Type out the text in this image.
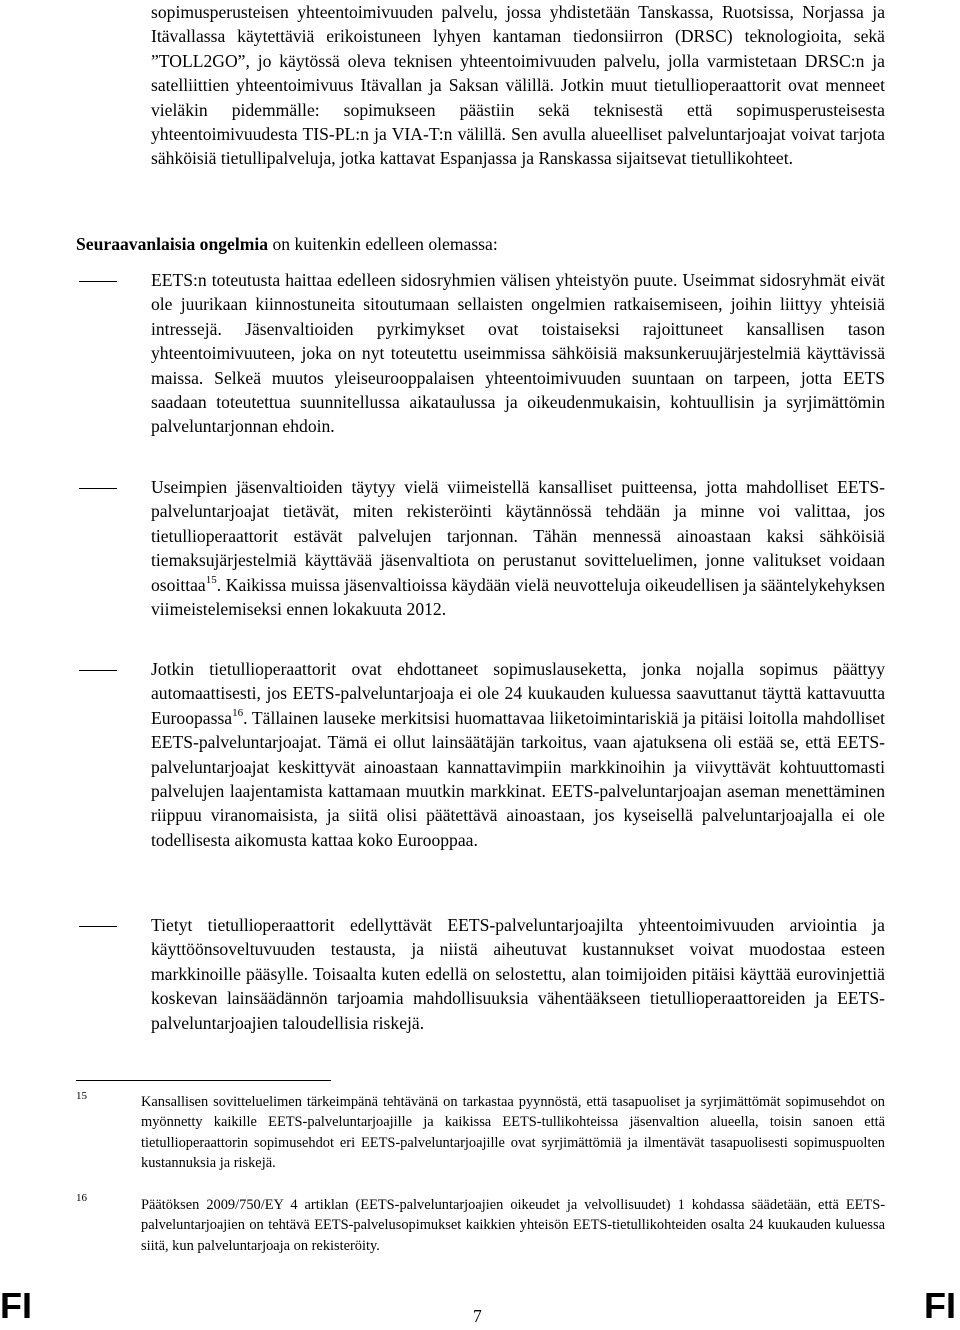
sopimusperusteisen yhteentoimivuuden palvelu, jossa yhdistetään Tanskassa, Ruotsissa, Norjassa ja Itävallassa käytettäviä erikoistuneen lyhyen kantaman tiedonsiirron (DRSC) teknologioita, sekä ”TOLL2GO”, jo käytössä oleva teknisen yhteentoimivuuden palvelu, jolla varmistetaan DRSC:n ja satelliittien yhteentoimivuus Itävallan ja Saksan välillä. Jotkin muut tietullioperaattorit ovat menneet vieläkin pidemmälle: sopimukseen päästiin sekä teknisestä että sopimusperusteisesta yhteentoimivuudesta TIS-PL:n ja VIA-T:n välillä. Sen avulla alueelliset palveluntarjoajat voivat tarjota sähköisiä tietullipalveluja, jotka kattavat Espanjassa ja Ranskassa sijaitsevat tietullikohteet.

Seuraavanlaisia ongelmia on kuitenkin edelleen olemassa:

EETS:n toteutusta haittaa edelleen sidosryhmien välisen yhteistyön puute. Useimmat sidosryhmät eivät ole juurikaan kiinnostuneita sitoutumaan sellaisten ongelmien ratkaisemiseen, joihin liittyy yhteisiä intressejä. Jäsenvaltioiden pyrkimykset ovat toistaiseksi rajoittuneet kansallisen tason yhteentoimivuuteen, joka on nyt toteutettu useimmissa sähköisiä maksunkeruujärjestelmiä käyttävissä maissa. Selkeä muutos yleiseurooppalaisen yhteentoimivuuden suuntaan on tarpeen, jotta EETS saadaan toteutettua suunnitellussa aikataulussa ja oikeudenmukaisin, kohtuullisin ja syrjimättömin palveluntarjonnan ehdoin.

Useimpien jäsenvaltioiden täytyy vielä viimeistellä kansalliset puitteensa, jotta mahdolliset EETS-palveluntarjoajat tietävät, miten rekisteröinti käytännössä tehdään ja minne voi valittaa, jos tietullioperaattorit estävät palvelujen tarjonnan. Tähän mennessä ainoastaan kaksi sähköisiä tiemaksujärjestelmiä käyttävää jäsenvaltiota on perustanut sovitteluelimen, jonne valitukset voidaan osoittaa$^{15}$. Kaikissa muissa jäsenvaltioissa käydään vielä neuvotteluja oikeudellisen ja sääntelykehyksen viimeistelemiseksi ennen lokakuuta 2012.

Jotkin tietullioperaattorit ovat ehdottaneet sopimuslauseketta, jonka nojalla sopimus päättyy automaattisesti, jos EETS-palveluntarjoaja ei ole 24 kuukauden kuluessa saavuttanut täyttä kattavuutta Euroopassa$^{16}$. Tällainen lauseke merkitsisi huomattavaa liiketoimintariskiä ja pitäisi loitolla mahdolliset EETS-palveluntarjoajat. Tämä ei ollut lainsäätäjän tarkoitus, vaan ajatuksena oli estää se, että EETS-palveluntarjoajat keskittyvät ainoastaan kannattavimpiin markkinoihin ja viivyttävät kohtuuttomasti palvelujen laajentamista kattamaan muutkin markkinat. EETS-palveluntarjoajan aseman menettäminen riippuu viranomaisista, ja siitä olisi päätettävä ainoastaan, jos kyseisellä palveluntarjoajalla ei ole todellisesta aikomusta kattaa koko Eurooppaa.

Tietyt tietullioperaattorit edellyttävät EETS-palveluntarjoajilta yhteentoimivuuden arviointia ja käyttöönsoveltuvuuden testausta, ja niistä aiheutuvat kustannukset voivat muodostaa esteen markkinoille pääsylle. Toisaalta kuten edellä on selostettu, alan toimijoiden pitäisi käyttää eurovinjettiä koskevan lainsäädännön tarjoamia mahdollisuuksia vähentääkseen tietullioperaattoreiden ja EETS-palveluntarjoajien taloudellisia riskejä.

15	Kansallisen sovitteluelimen tärkeimpänä tehtävänä on tarkastaa pyynnöstä, että tasapuoliset ja syrjimättömät sopimusehdot on myönnetty kaikille EETS-palveluntarjoajille ja kaikissa EETS-tullikohteissa jäsenvaltion alueella, toisin sanoen että tietullioperaattorin sopimusehdot eri EETS-palveluntarjoajille ovat syrjimättömiä ja ilmentävät tasapuolisesti sopimuspuolten kustannuksia ja riskejä.

16	Päätöksen 2009/750/EY 4 artiklan (EETS-palveluntarjoajien oikeudet ja velvollisuudet) 1 kohdassa säädetään, että EETS-palveluntarjoajien on tehtävä EETS-palvelusopimukset kaikkien yhteisön EETS-tietullikohteiden osalta 24 kuukauden kuluessa siitä, kun palveluntarjoaja on rekisteröity.

FI	7	FI
